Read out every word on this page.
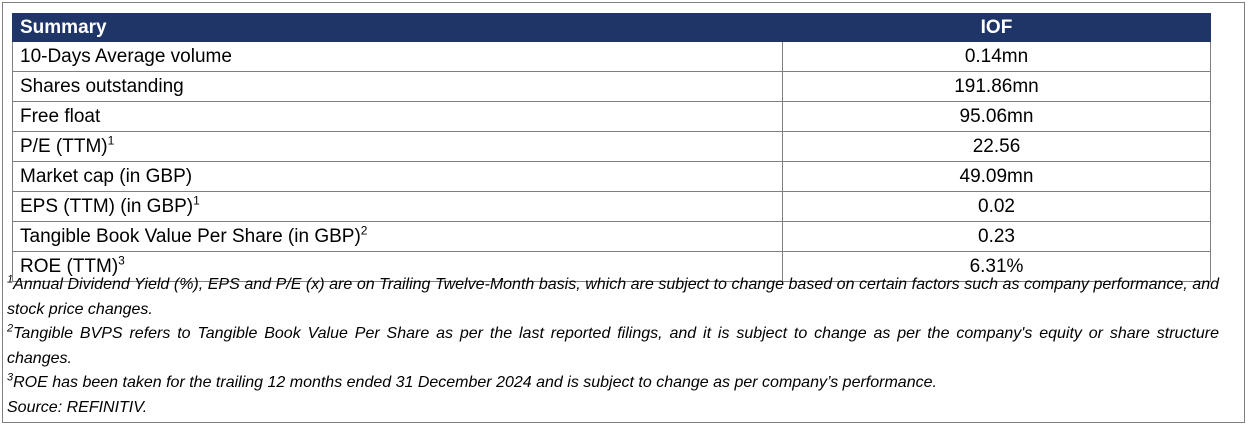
Summary	IOF
10-Days Average volume	0.14mn
Shares outstanding	191.86mn
Free float	95.06mn
P/E (TTM)$^1$	22.56
Market cap (in GBP)	49.09mn
EPS (TTM) (in GBP)$^1$	0.02
Tangible Book Value Per Share (in GBP)$^2$	0.23
ROE (TTM)$^3$	6.31%

$^1$Annual Dividend Yield (%), EPS and P/E (x) are on Trailing Twelve-Month basis, which are subject to change based on certain factors such as company performance, and stock price changes.

$^2$Tangible BVPS refers to Tangible Book Value Per Share as per the last reported filings, and it is subject to change as per the company's equity or share structure changes.

$^3$ROE has been taken for the trailing 12 months ended 31 December 2024 and is subject to change as per company’s performance.

Source: REFINITIV.
